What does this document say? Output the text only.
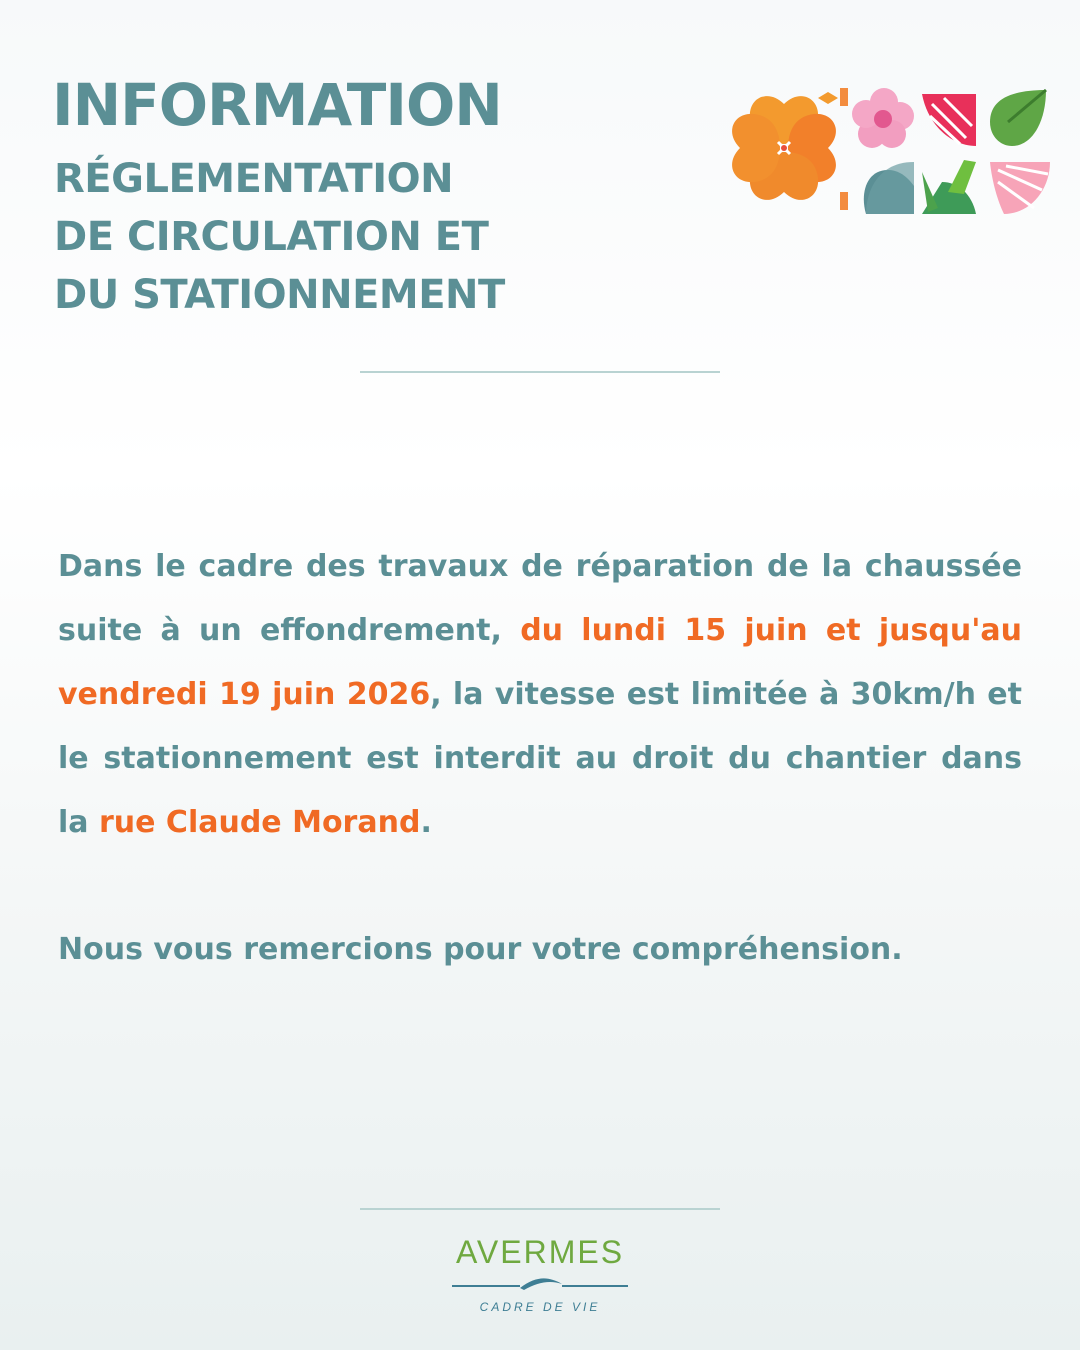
INFORMATION
RÉGLEMENTATION
DE CIRCULATION ET
DU STATIONNEMENT

Dans le cadre des travaux de réparation de la chaussée suite à un effondrement, du lundi 15 juin et jusqu'au vendredi 19 juin 2026, la vitesse est limitée à 30km/h et le stationnement est interdit au droit du chantier dans la rue Claude Morand.

Nous vous remercions pour votre compréhension.

AVERMES
CADRE DE VIE
